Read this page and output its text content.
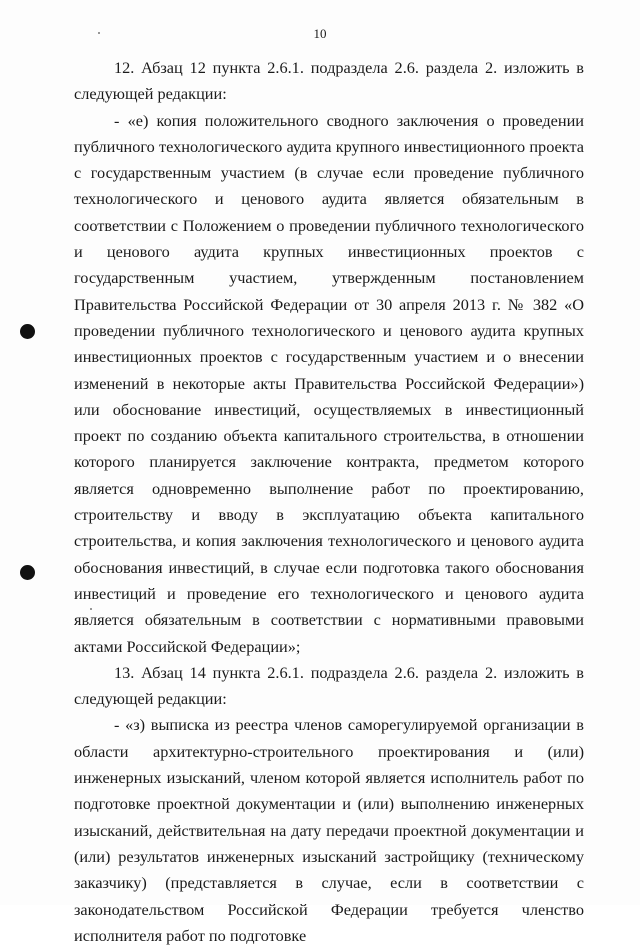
10

12. Абзац 12 пункта 2.6.1. подраздела 2.6. раздела 2. изложить в следующей редакции:

- «е) копия положительного сводного заключения о проведении публичного технологического аудита крупного инвестиционного проекта с государственным участием (в случае если проведение публичного технологического и ценового аудита является обязательным в соответствии с Положением о проведении публичного технологического и ценового аудита крупных инвестиционных проектов с государственным участием, утвержденным постановлением Правительства Российской Федерации от 30 апреля 2013 г. № 382 «О проведении публичного технологического и ценового аудита крупных инвестиционных проектов с государственным участием и о внесении изменений в некоторые акты Правительства Российской Федерации») или обоснование инвестиций, осуществляемых в инвестиционный проект по созданию объекта капитального строительства, в отношении которого планируется заключение контракта, предметом которого является одновременно выполнение работ по проектированию, строительству и вводу в эксплуатацию объекта капитального строительства, и копия заключения технологического и ценового аудита обоснования инвестиций, в случае если подготовка такого обоснования инвестиций и проведение его технологического и ценового аудита является обязательным в соответствии с нормативными правовыми актами Российской Федерации»;

13. Абзац 14 пункта 2.6.1. подраздела 2.6. раздела 2. изложить в следующей редакции:

- «з) выписка из реестра членов саморегулируемой организации в области архитектурно-строительного проектирования и (или) инженерных изысканий, членом которой является исполнитель работ по подготовке проектной документации и (или) выполнению инженерных изысканий, действительная на дату передачи проектной документации и (или) результатов инженерных изысканий застройщику (техническому заказчику) (представляется в случае, если в соответствии с законодательством Российской Федерации требуется членство исполнителя работ по подготовке
